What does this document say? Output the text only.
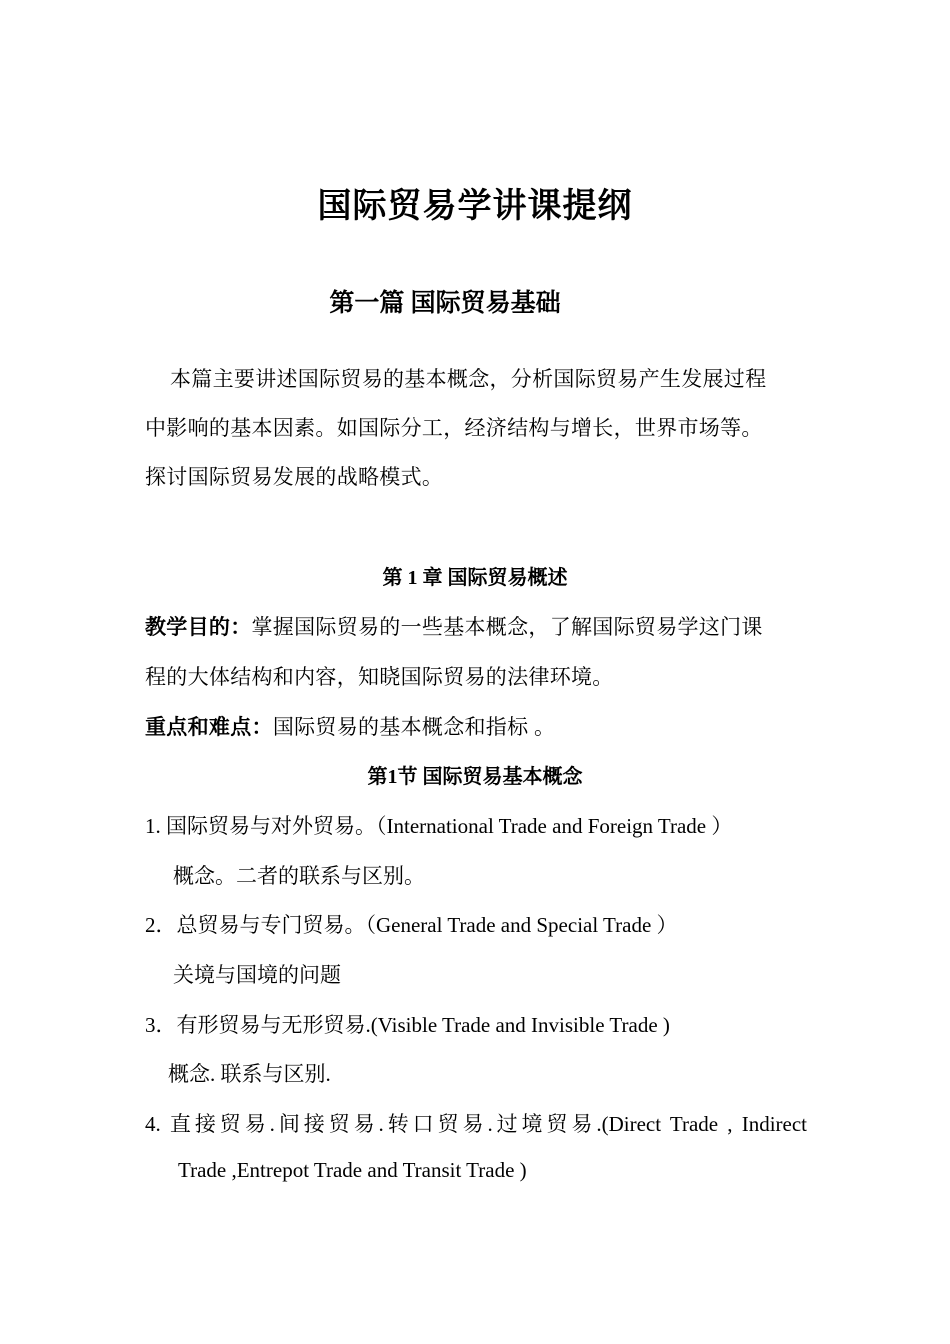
国际贸易学讲课提纲
第一篇 国际贸易基础
本篇主要讲述国际贸易的基本概念，分析国际贸易产生发展过程
中影响的基本因素。如国际分工，经济结构与增长，世界市场等。
探讨国际贸易发展的战略模式。
第 1 章 国际贸易概述
教学目的：掌握国际贸易的一些基本概念，了解国际贸易学这门课
程的大体结构和内容，知晓国际贸易的法律环境。
重点和难点：国际贸易的基本概念和指标 。
第1节 国际贸易基本概念
1. 国际贸易与对外贸易。（International Trade and Foreign Trade ）
概念。二者的联系与区别。
2．总贸易与专门贸易。（General Trade and Special Trade ）
关境与国境的问题
3．有形贸易与无形贸易.(Visible Trade and Invisible Trade )
概念. 联系与区别.
4. 直接贸易.间接贸易.转口贸易.过境贸易.(Direct Trade , Indirect
Trade ,Entrepot Trade and Transit Trade )
